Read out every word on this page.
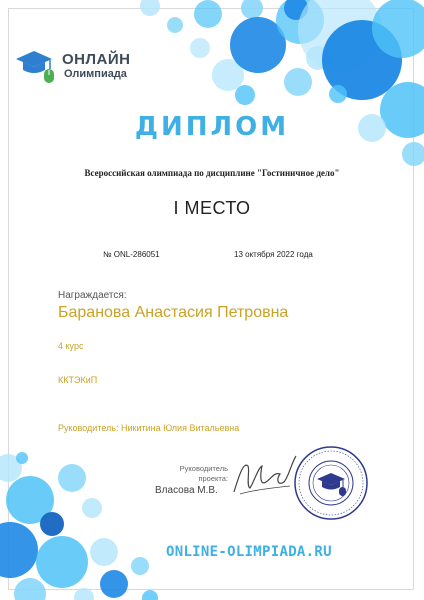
ОНЛАЙН
Олимпиада
ДИПЛОМ
Всероссийская олимпиада по дисциплине "Гостиничное дело"
I МЕСТО
№ ONL-286051	13 октября 2022 года
Награждается:
Баранова Анастасия Петровна
4 курс
ККТЭКиП
Руководитель: Никитина Юлия Витальевна
Руководитель проекта:
Власова М.В.
ONLINE-OLIMPIADA.RU
